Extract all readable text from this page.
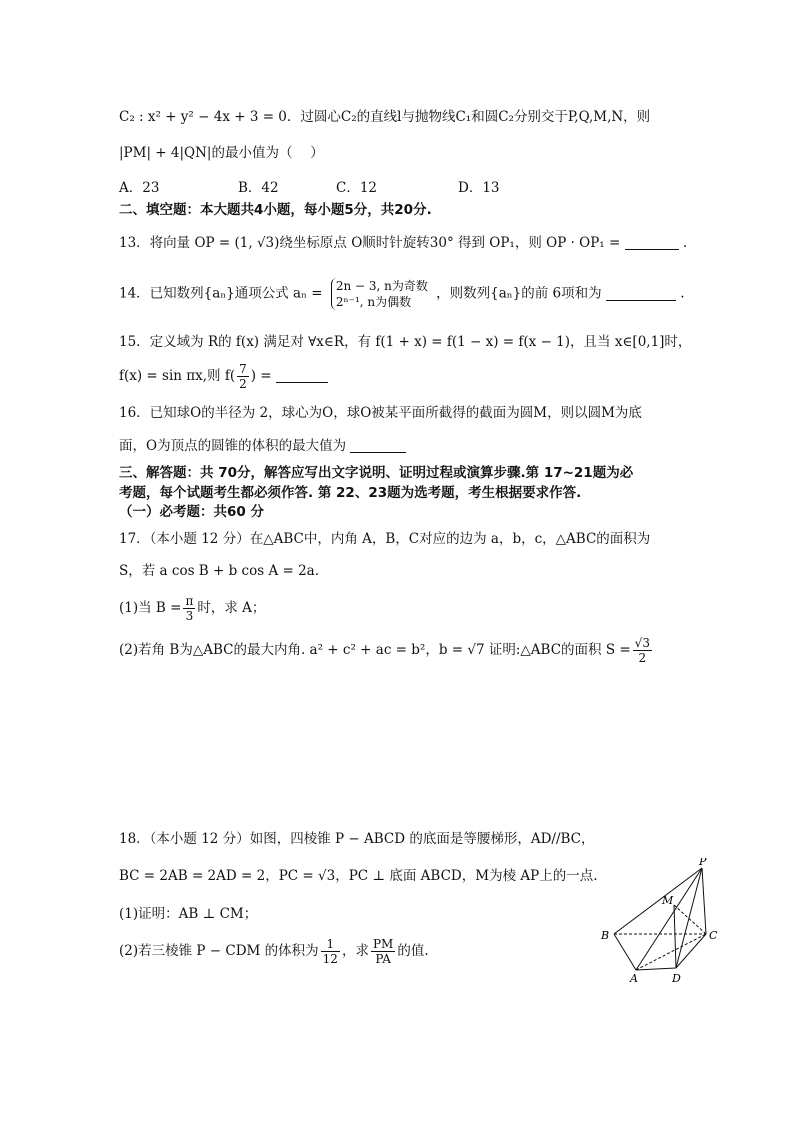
C₂ : x² + y² − 4x + 3 = 0．过圆心C₂的直线l与抛物线C₁和圆C₂分别交于P,Q,M,N，则
|PM| + 4|QN|的最小值为（　 ）
A．23	B．42	C．12	D．13
二、填空题：本大题共4小题，每小题5分，共20分.
13．将向量 OP = (1, √3)绕坐标原点 O顺时针旋转30° 得到 OP₁，则 OP · OP₁ =	.
14．已知数列{aₙ}通项公式 aₙ = 2n − 3, n为奇数
2ⁿ⁻¹, n为偶数
，则数列{aₙ}的前 6项和为	.
15．定义域为 R的 f(x) 满足对 ∀x∈R，有 f(1 + x) = f(1 − x) = f(x − 1)，且当 x∈[0,1]时，
f(x) = sin πx,则 $f( \frac{7}{2}$ ) =
16．已知球O的半径为 2，球心为O，球O被某平面所截得的截面为圆M，则以圆M为底
面，O为顶点的圆锥的体积的最大值为
三、解答题：共 70分，解答应写出文字说明、证明过程或演算步骤.第 17~21题为必
考题，每个试题考生都必须作答. 第 22、23题为选考题，考生根据要求作答.
（一）必考题：共60 分
17．（本小题 12 分）在△ABC中，内角 A，B，C对应的边为 a，b，c，△ABC的面积为
S，若 a cos B + b cos A = 2a.
(1)当 $B = \frac{\pi}{3}$ 时，求 A；
(2)若角 B为△ABC的最大内角. a² + c² + ac = b²，b = √7 证明:△ABC的面积 $S = \frac{√3}{2}$
18．（本小题 12 分）如图，四棱锥 P − ABCD 的底面是等腰梯形，AD//BC，
BC = 2AB = 2AD = 2，PC = √3，PC ⊥ 底面 ABCD，M为棱 AP上的一点.
(1)证明：AB ⊥ CM；
(2)若三棱锥 P − CDM 的体积为 $\frac{1}{12}$ ，求 $\frac{PM}{PA}$ 的值.
P
M
B	C
A	D
